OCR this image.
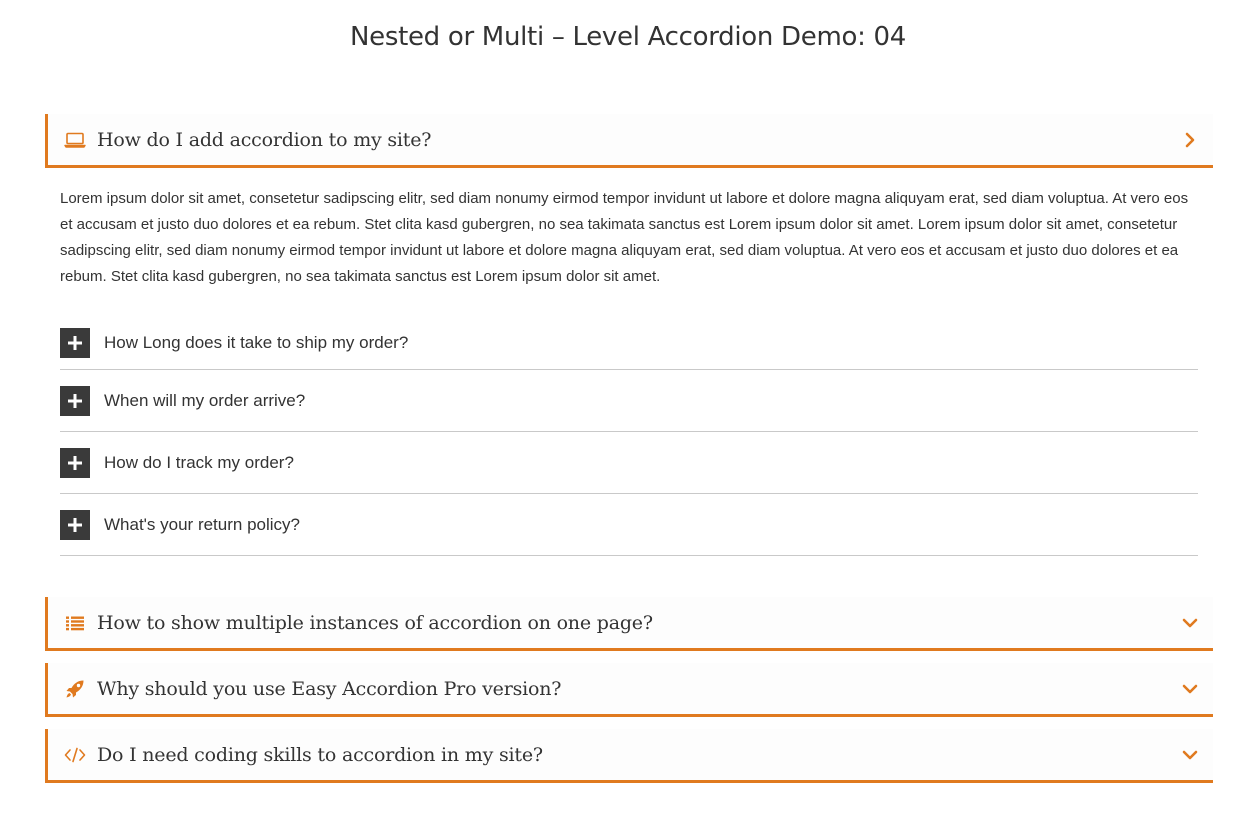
Nested or Multi – Level Accordion Demo: 04
How do I add accordion to my site?

Lorem ipsum dolor sit amet, consetetur sadipscing elitr, sed diam nonumy eirmod tempor invidunt ut labore et dolore magna aliquyam erat, sed diam voluptua. At vero eos et accusam et justo duo dolores et ea rebum. Stet clita kasd gubergren, no sea takimata sanctus est Lorem ipsum dolor sit amet. Lorem ipsum dolor sit amet, consetetur sadipscing elitr, sed diam nonumy eirmod tempor invidunt ut labore et dolore magna aliquyam erat, sed diam voluptua. At vero eos et accusam et justo duo dolores et ea rebum. Stet clita kasd gubergren, no sea takimata sanctus est Lorem ipsum dolor sit amet.

How Long does it take to ship my order?
When will my order arrive?
How do I track my order?
What's your return policy?
How to show multiple instances of accordion on one page?
Why should you use Easy Accordion Pro version?
Do I need coding skills to accordion in my site?
